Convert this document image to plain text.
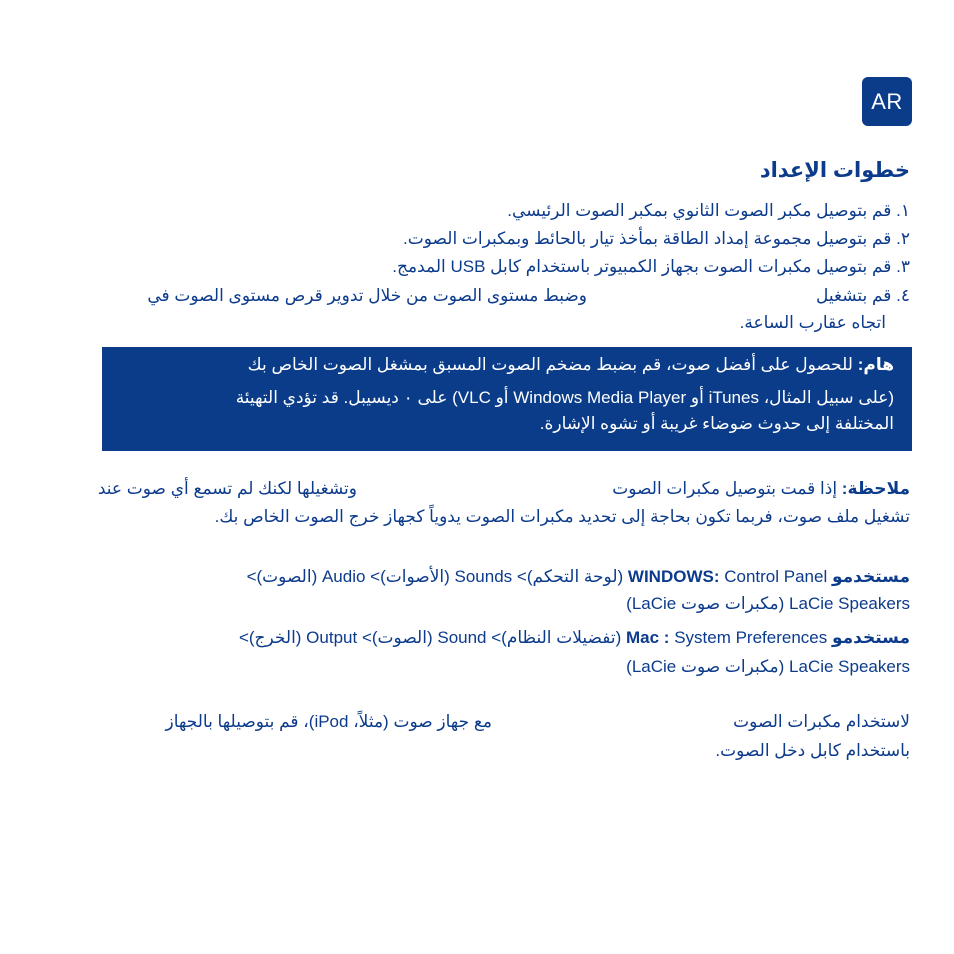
AR
خطوات الإعداد
١. قم بتوصيل مكبر الصوت الثانوي بمكبر الصوت الرئيسي.
٢. قم بتوصيل مجموعة إمداد الطاقة بمأخذ تيار بالحائط وبمكبرات الصوت.
٣. قم بتوصيل مكبرات الصوت بجهاز الكمبيوتر باستخدام كابل USB المدمج.
٤. قم بتشغيل
وضبط مستوى الصوت من خلال تدوير قرص مستوى الصوت في
اتجاه عقارب الساعة.
هام: للحصول على أفضل صوت، قم بضبط مضخم الصوت المسبق بمشغل الصوت الخاص بك
(على سبيل المثال، iTunes أو Windows Media Player أو VLC) على ٠ ديسيبل. قد تؤدي التهيئة
المختلفة إلى حدوث ضوضاء غريبة أو تشوه الإشارة.
ملاحظة: إذا قمت بتوصيل مكبرات الصوت
وتشغيلها لكنك لم تسمع أي صوت عند
تشغيل ملف صوت، فربما تكون بحاجة إلى تحديد مكبرات الصوت يدوياً كجهاز خرج الصوت الخاص بك.
مستخدمو WINDOWS: Control Panel (لوحة التحكم)> Sounds (الأصوات)> Audio (الصوت)>
LaCie Speakers (مكبرات صوت LaCie)
مستخدمو Mac : System Preferences (تفضيلات النظام)> Sound (الصوت)> Output (الخرج)>
LaCie Speakers (مكبرات صوت LaCie)
لاستخدام مكبرات الصوت
مع جهاز صوت (مثلاً، iPod)، قم بتوصيلها بالجهاز
باستخدام كابل دخل الصوت.
